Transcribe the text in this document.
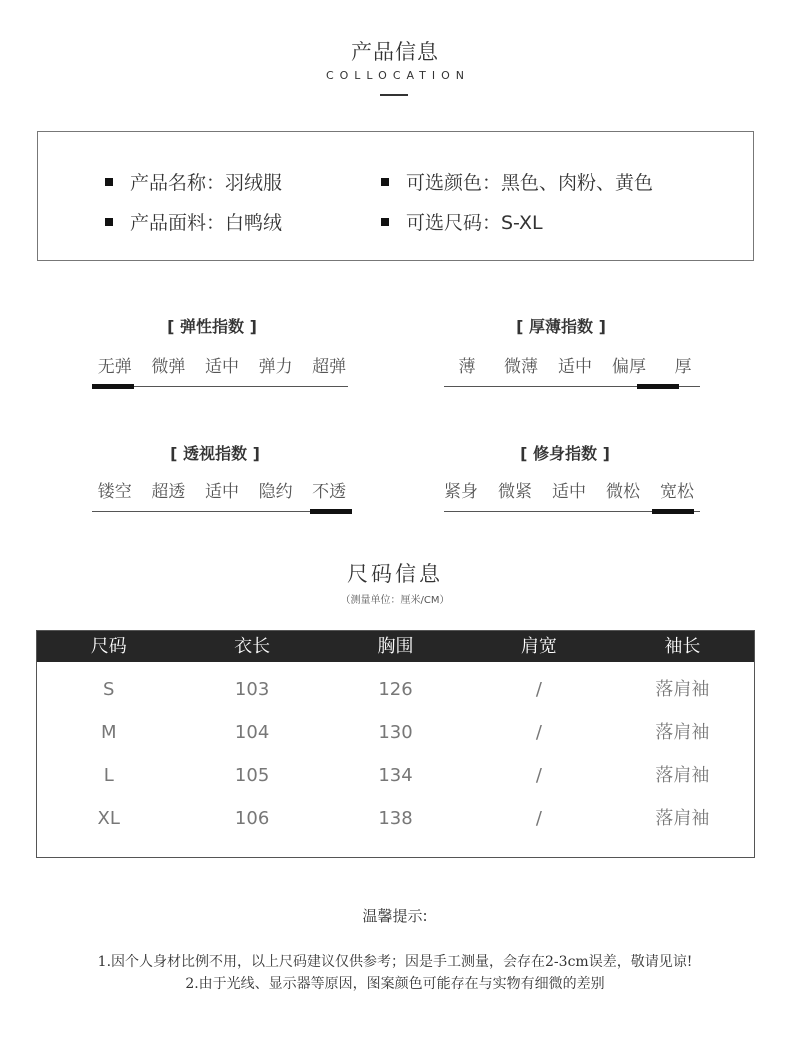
产品信息
COLLOCATION
产品名称：羽绒服
产品面料：白鸭绒
可选颜色：黑色、肉粉、黄色
可选尺码：S-XL
[ 弹性指数 ]
无弹	微弹	适中	弹力	超弹
[ 厚薄指数 ]
薄	微薄	适中	偏厚	厚
[ 透视指数 ]
镂空	超透	适中	隐约	不透
[ 修身指数 ]
紧身	微紧	适中	微松	宽松
尺码信息
（测量单位：厘米/CM）
尺码	衣长	胸围	肩宽	袖长
S	103	126	/	落肩袖
M	104	130	/	落肩袖
L	105	134	/	落肩袖
XL	106	138	/	落肩袖
温馨提示:
1.因个人身材比例不用，以上尺码建议仅供参考；因是手工测量，会存在2-3cm误差，敬请见谅!
2.由于光线、显示器等原因，图案颜色可能存在与实物有细微的差别
